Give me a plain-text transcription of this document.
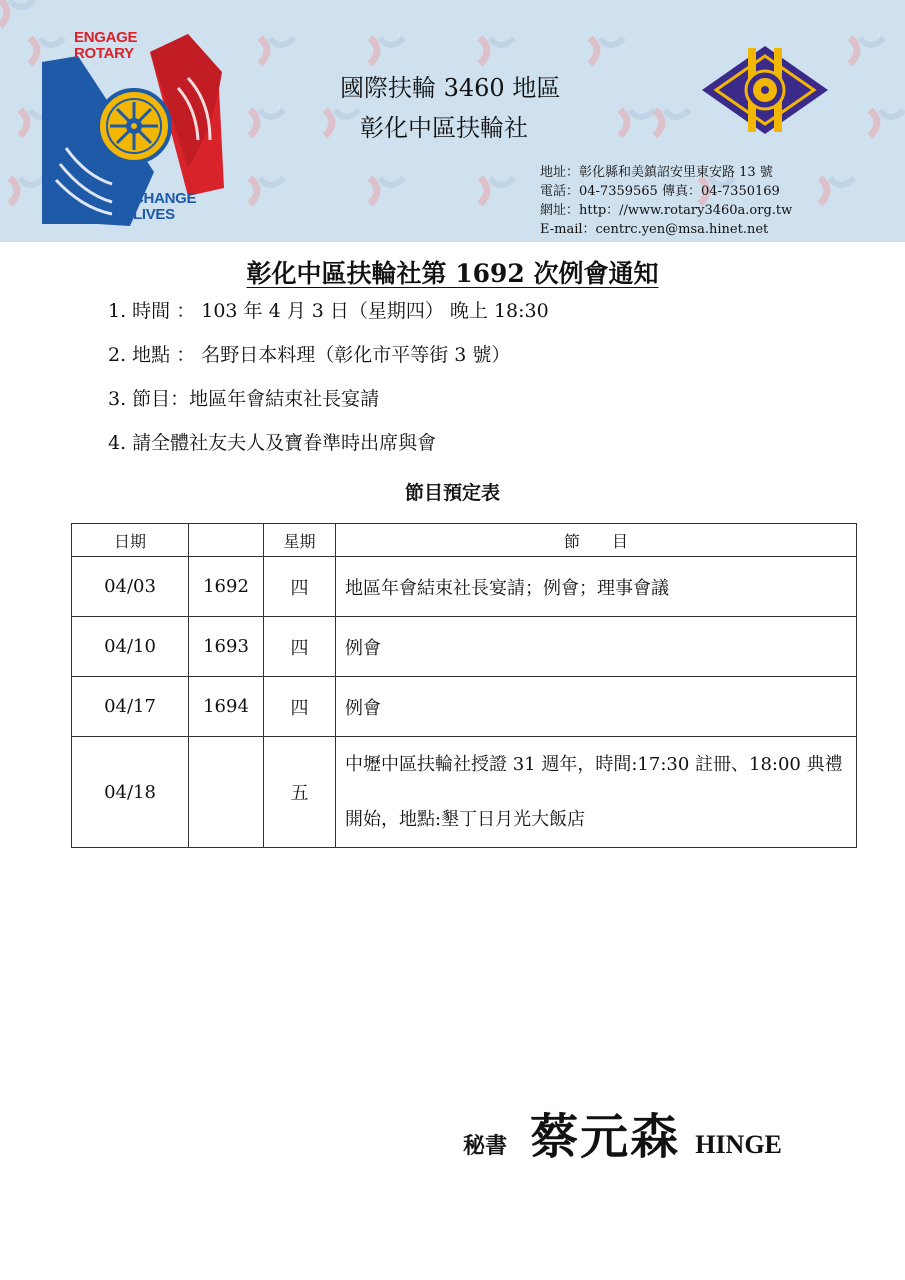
ENGAGE
ROTARY
CHANGE
LIVES
國際扶輪 3460 地區
彰化中區扶輪社
地址：彰化縣和美鎮詔安里東安路 13 號
電話：04-7359565 傳真：04-7350169
網址：http：//www.rotary3460a.org.tw
E-mail：centrc.yen@msa.hinet.net
彰化中區扶輪社第 1692 次例會通知
1. 時間 ： 103 年 4 月 3 日（星期四） 晚上 18:30
2. 地點 ： 名野日本料理（彰化市平等街 3 號）
3. 節目：地區年會結束社長宴請
4. 請全體社友夫人及寶眷準時出席與會
節目預定表
日期		星期	節　　目
04/03	1692	四	地區年會結束社長宴請；例會；理事會議
04/10	1693	四	例會
04/17	1694	四	例會
04/18		五	中壢中區扶輪社授證 31 週年，時間:17:30 註冊、18:00 典禮開始，地點:墾丁日月光大飯店
秘書 蔡元森 HINGE
